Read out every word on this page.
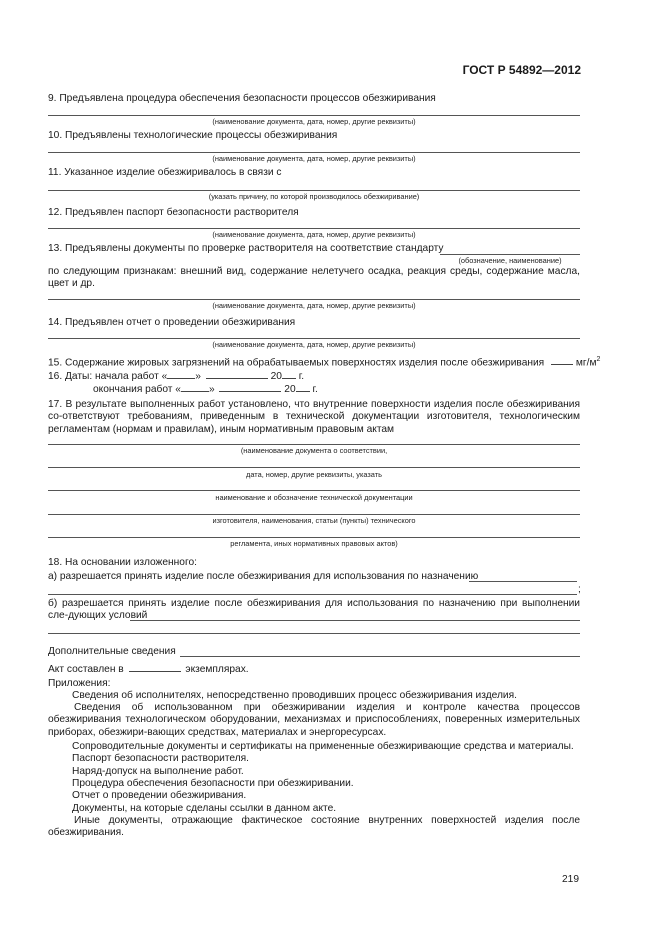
ГОСТ Р 54892—2012
9. Предъявлена процедура обеспечения безопасности процессов обезжиривания
(наименование документа, дата, номер, другие реквизиты)
10. Предъявлены технологические процессы обезжиривания
(наименование документа, дата, номер, другие реквизиты)
11. Указанное изделие обезжиривалось в связи с
(указать причину, по которой производилось обезжиривание)
12. Предъявлен паспорт безопасности растворителя
(наименование документа, дата, номер, другие реквизиты)
13. Предъявлены документы по проверке растворителя на соответствие стандарту
(обозначение, наименование)
по следующим признакам: внешний вид, содержание нелетучего осадка, реакция среды, содержание масла, цвет и др.
(наименование документа, дата, номер, другие реквизиты)
14. Предъявлен отчет о проведении обезжиривания
(наименование документа, дата, номер, другие реквизиты)
15. Содержание жировых загрязнений на обрабатываемых поверхностях изделия после обезжиривания	$мг/м^2$
16. Даты: начала работ «	»	20 г.
окончания работ «	»	20 г.
17. В результате выполненных работ установлено, что внутренние поверхности изделия после обезжиривания со-ответствуют требованиям, приведенным в технической документации изготовителя, технологическим регламентам (нормам и правилам), иным нормативным правовым актам
(наименование документа о соответствии,
дата, номер, другие реквизиты, указать
наименование и обозначение технической документации
изготовителя, наименования, статьи (пункты) технического
регламента, иных нормативных правовых актов)
18. На основании изложенного:
а) разрешается принять изделие после обезжиривания для использования по назначению
;
б) разрешается принять изделие после обезжиривания для использования по назначению при выполнении сле-дующих условий
Дополнительные сведения
Акт составлен в	экземплярах.
Приложения:
Сведения об исполнителях, непосредственно проводивших процесс обезжиривания изделия.
Сведения об использованном при обезжиривании изделия и контроле качества процессов обезжиривания технологическом оборудовании, механизмах и приспособлениях, поверенных измерительных приборах, обезжири-вающих средствах, материалах и энергоресурсах.
Сопроводительные документы и сертификаты на примененные обезжиривающие средства и материалы.
Паспорт безопасности растворителя.
Наряд-допуск на выполнение работ.
Процедура обеспечения безопасности при обезжиривании.
Отчет о проведении обезжиривания.
Документы, на которые сделаны ссылки в данном акте.
Иные документы, отражающие фактическое состояние внутренних поверхностей изделия после обезжиривания.
219
